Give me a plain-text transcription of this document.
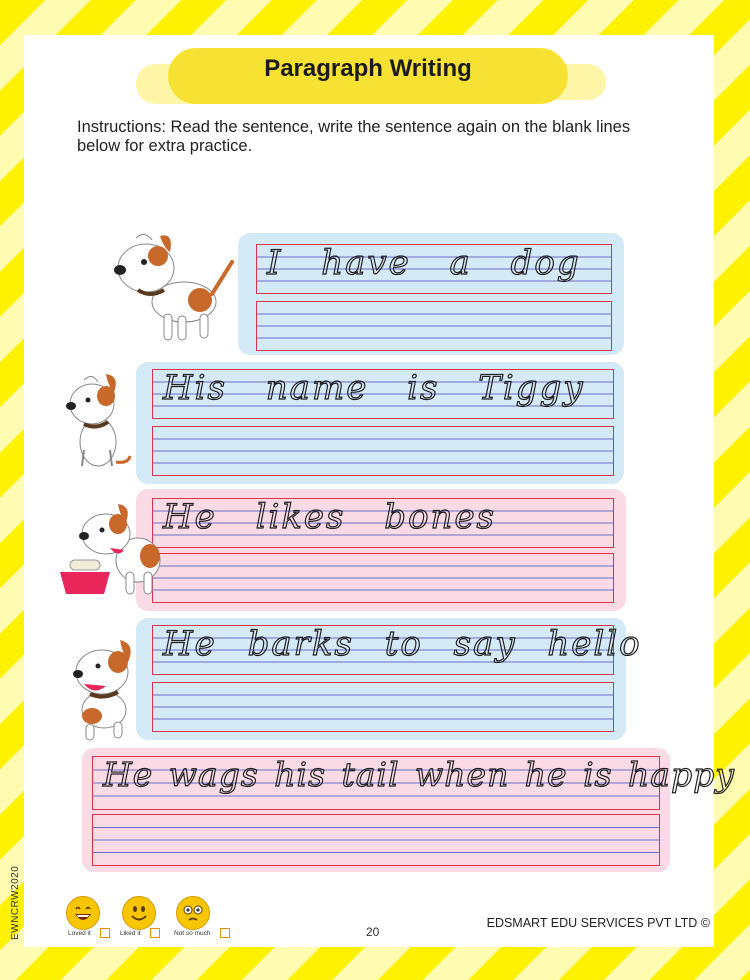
Paragraph Writing
Instructions: Read the sentence, write the sentence again on the blank lines below for extra practice.
I have a dog
His name is Tiggy
He likes bones
He barks to say hello
He wags his tail when he is happy
EWNCRW2020	Loved it	Liked it	Not so much	20
EDSMART EDU SERVICES PVT LTD ©
